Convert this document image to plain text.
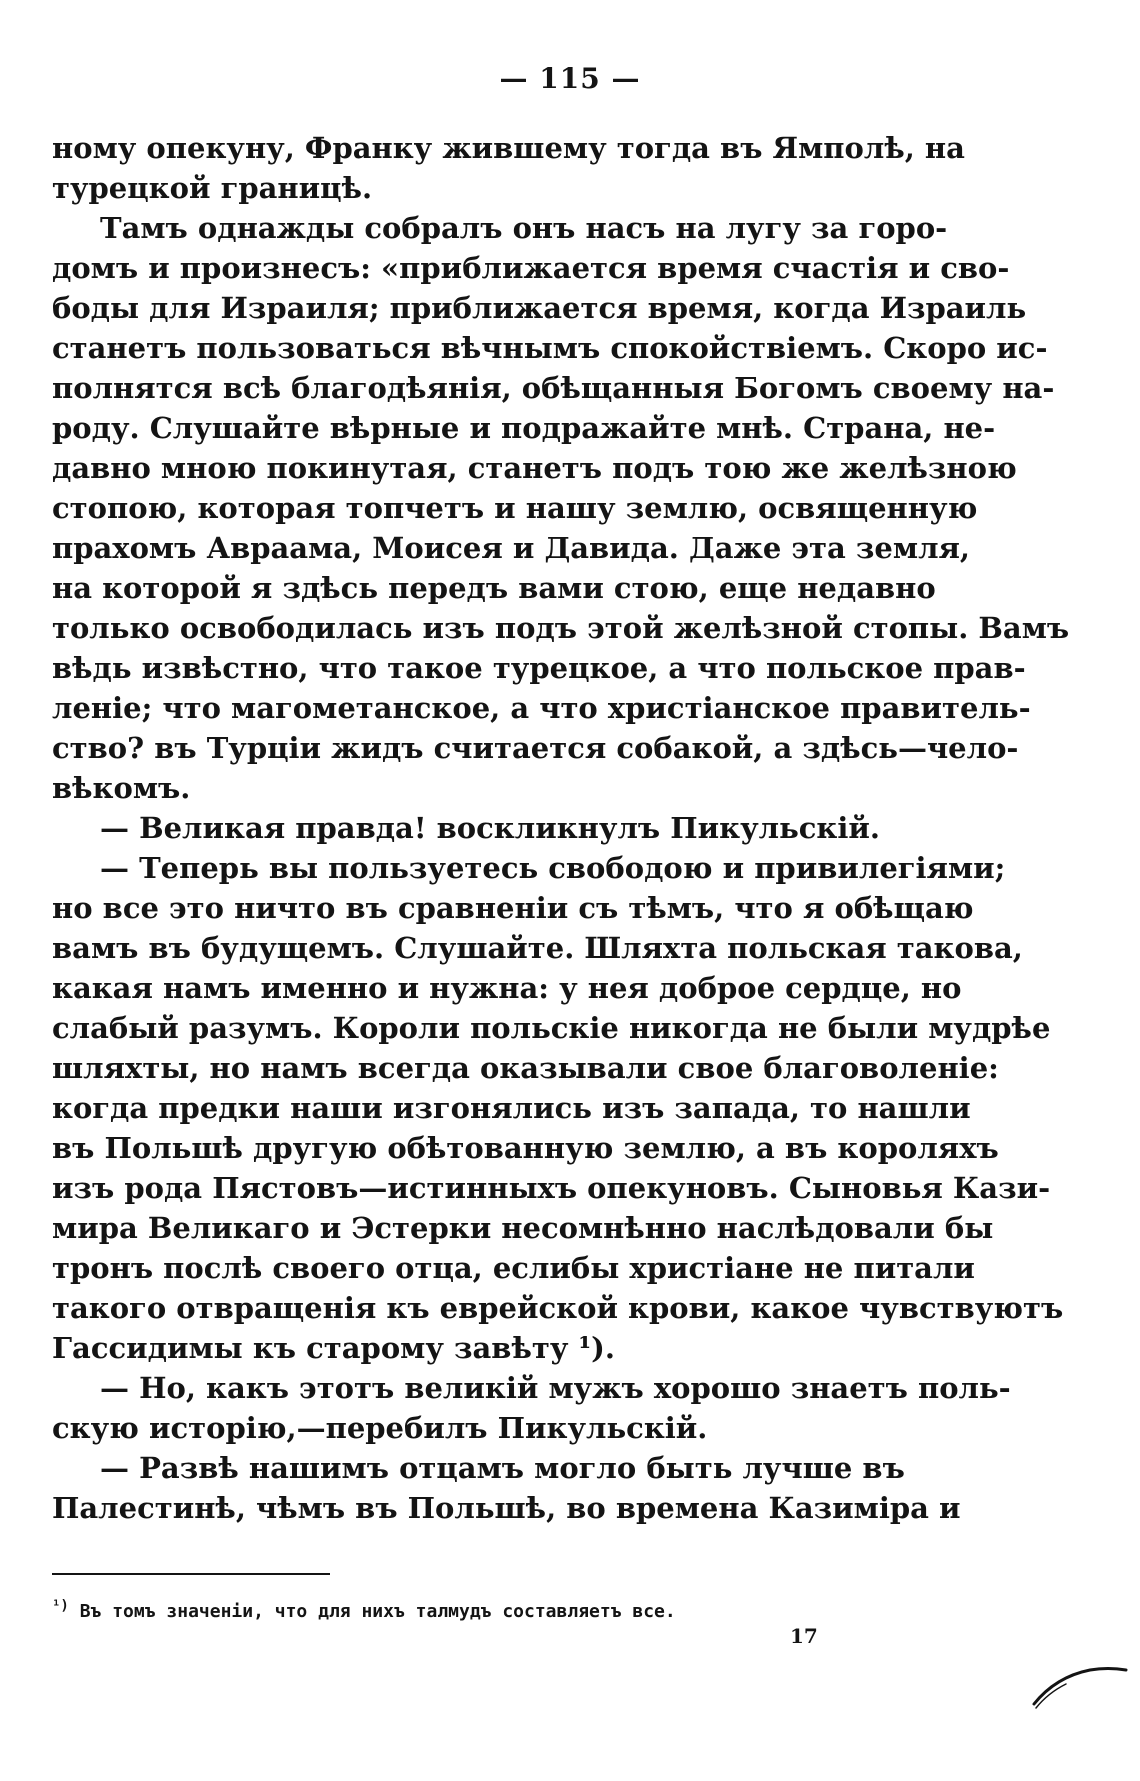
— 115 —
ному опекуну, Франку жившему тогда въ Ямполѣ, на
турецкой границѣ.
Тамъ однажды собралъ онъ насъ на лугу за горо-
домъ и произнесъ: «приближается время счастія и сво-
боды для Израиля; приближается время, когда Израиль
станетъ пользоваться вѣчнымъ спокойствіемъ. Скоро ис-
полнятся всѣ благодѣянія, обѣщанныя Богомъ своему на-
роду. Слушайте вѣрные и подражайте мнѣ. Страна, не-
давно мною покинутая, станетъ подъ тою же желѣзною
стопою, которая топчетъ и нашу землю, освященную
прахомъ Авраама, Моисея и Давида. Даже эта земля,
на которой я здѣсь передъ вами стою, еще недавно
только освободилась изъ подъ этой желѣзной стопы. Вамъ
вѣдь извѣстно, что такое турецкое, а что польское прав-
леніе; что магометанское, а что христіанское правитель-
ство? въ Турціи жидъ считается собакой, а здѣсь—чело-
вѣкомъ.
— Великая правда! воскликнулъ Пикульскій.
— Теперь вы пользуетесь свободою и привилегіями;
но все это ничто въ сравненіи съ тѣмъ, что я обѣщаю
вамъ въ будущемъ. Слушайте. Шляхта польская такова,
какая намъ именно и нужна: у нея доброе сердце, но
слабый разумъ. Короли польскіе никогда не были мудрѣе
шляхты, но намъ всегда оказывали свое благоволеніе:
когда предки наши изгонялись изъ запада, то нашли
въ Польшѣ другую обѣтованную землю, а въ короляхъ
изъ рода Пястовъ—истинныхъ опекуновъ. Сыновья Кази-
мира Великаго и Эстерки несомнѣнно наслѣдовали бы
тронъ послѣ своего отца, еслибы христіане не питали
такого отвращенія къ еврейской крови, какое чувствуютъ
Гассидимы къ старому завѣту ¹).
— Но, какъ этотъ великій мужъ хорошо знаетъ поль-
скую исторію,—перебилъ Пикульскій.
— Развѣ нашимъ отцамъ могло быть лучше въ
Палестинѣ, чѣмъ въ Польшѣ, во времена Казиміра и
$^{^1)}$ Въ томъ значеніи, что для нихъ талмудъ составляетъ все.
17
